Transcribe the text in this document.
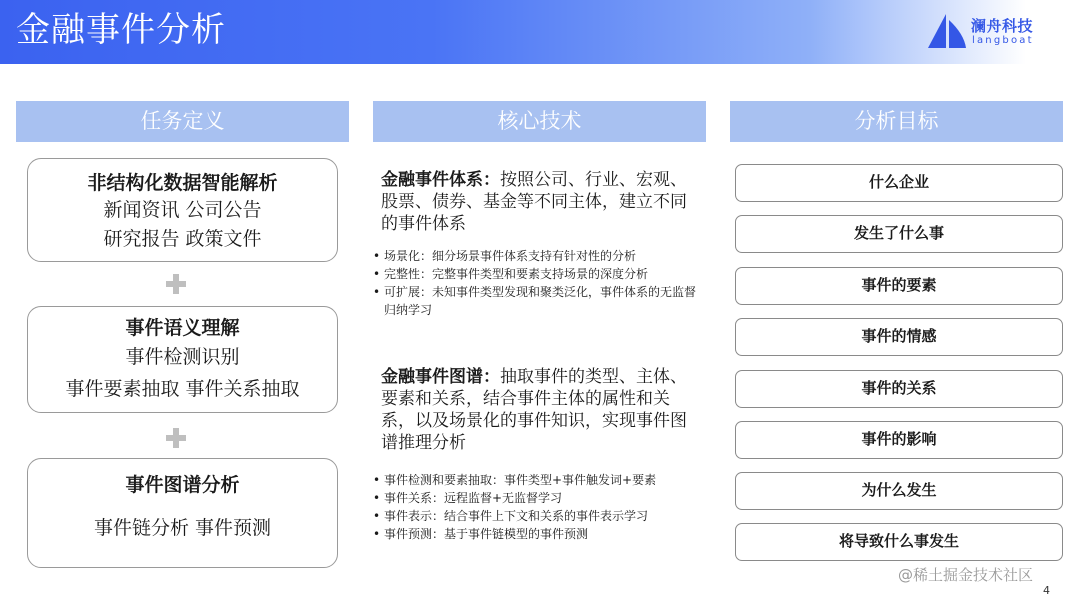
金融事件分析	澜舟科技
langboat
任务定义	核心技术	分析目标
非结构化数据智能解析
新闻资讯 公司公告
研究报告 政策文件
事件语义理解
事件检测识别
事件要素抽取 事件关系抽取
事件图谱分析
事件链分析 事件预测
金融事件体系：按照公司、行业、宏观、股票、债券、基金等不同主体，建立不同的事件体系
• 场景化：细分场景事件体系支持有针对性的分析
• 完整性：完整事件类型和要素支持场景的深度分析
• 可扩展：未知事件类型发现和聚类泛化，事件体系的无监督归纳学习
金融事件图谱：抽取事件的类型、主体、要素和关系，结合事件主体的属性和关系，以及场景化的事件知识，实现事件图谱推理分析
• 事件检测和要素抽取：事件类型+事件触发词+要素
• 事件关系：远程监督+无监督学习
• 事件表示：结合事件上下文和关系的事件表示学习
• 事件预测：基于事件链模型的事件预测
什么企业
发生了什么事
事件的要素
事件的情感
事件的关系
事件的影响
为什么发生
将导致什么事发生
@稀土掘金技术社区
4
